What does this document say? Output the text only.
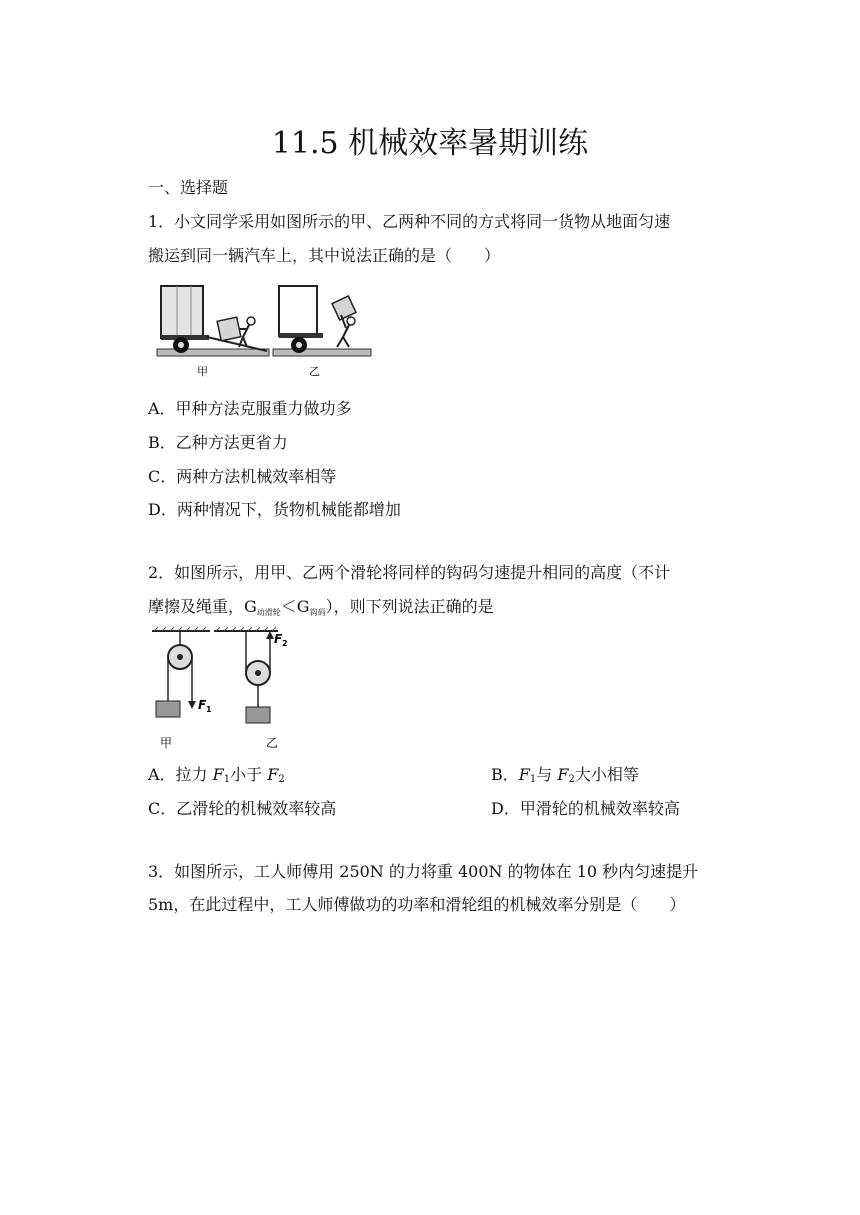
11.5 机械效率暑期训练
一、选择题
1．小文同学采用如图所示的甲、乙两种不同的方式将同一货物从地面匀速
搬运到同一辆汽车上，其中说法正确的是（　　）
甲	乙
A．甲种方法克服重力做功多
B．乙种方法更省力
C．两种方法机械效率相等
D．两种情况下，货物机械能都增加
2．如图所示，用甲、乙两个滑轮将同样的钩码匀速提升相同的高度（不计
摩擦及绳重，G动滑轮＜G钩码），则下列说法正确的是
F 1
F 2
甲	乙
A．拉力 $F_1$小于 $F_2$	B．$F_1$与 $F_2$大小相等
C．乙滑轮的机械效率较高	D．甲滑轮的机械效率较高
3．如图所示，工人师傅用 250N 的力将重 400N 的物体在 10 秒内匀速提升
5m，在此过程中，工人师傅做功的功率和滑轮组的机械效率分别是（　　）
